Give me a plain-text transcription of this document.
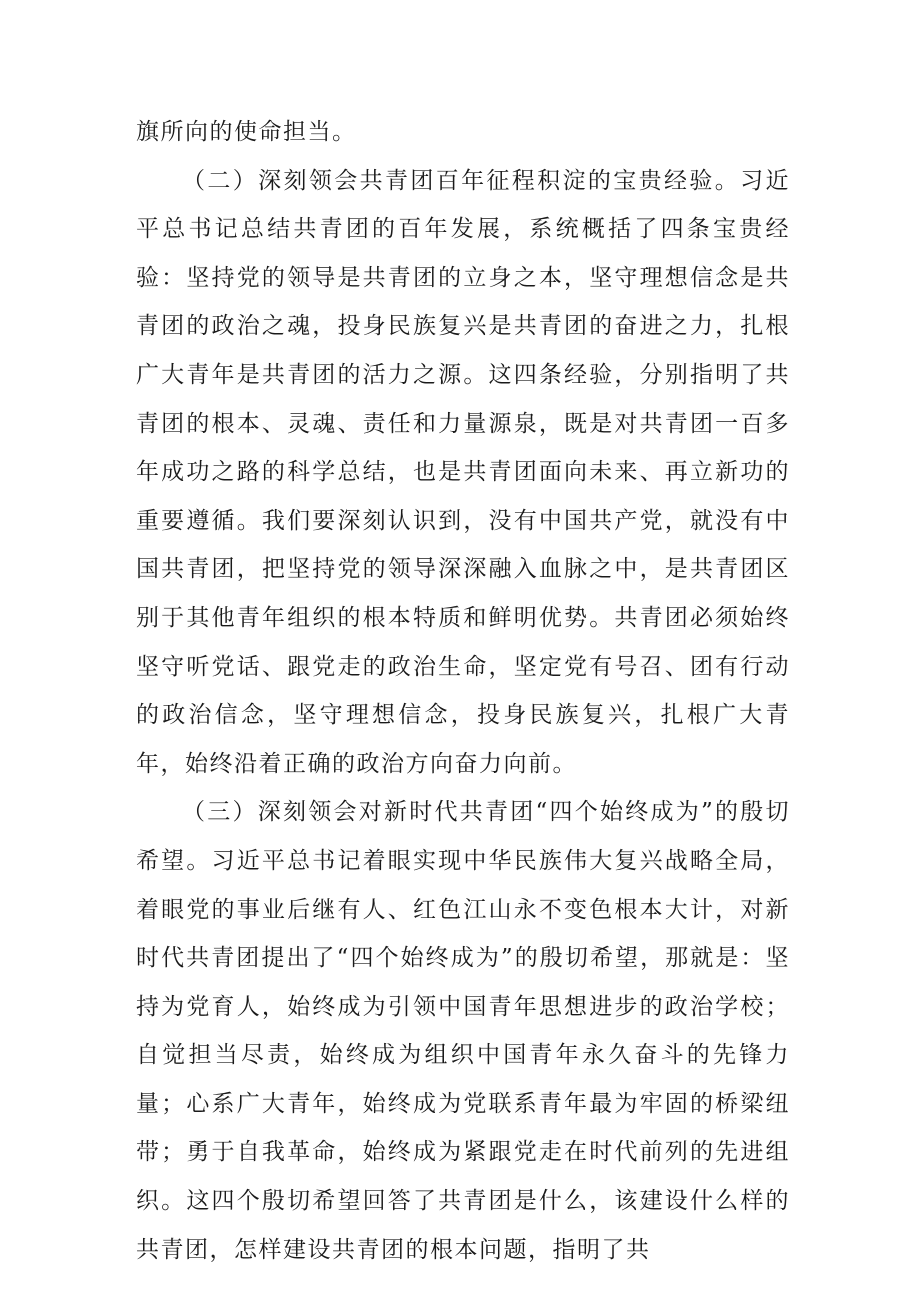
旗所向的使命担当。

（二）深刻领会共青团百年征程积淀的宝贵经验。习近平总书记总结共青团的百年发展，系统概括了四条宝贵经验：坚持党的领导是共青团的立身之本，坚守理想信念是共青团的政治之魂，投身民族复兴是共青团的奋进之力，扎根广大青年是共青团的活力之源。这四条经验，分别指明了共青团的根本、灵魂、责任和力量源泉，既是对共青团一百多年成功之路的科学总结，也是共青团面向未来、再立新功的重要遵循。我们要深刻认识到，没有中国共产党，就没有中国共青团，把坚持党的领导深深融入血脉之中，是共青团区别于其他青年组织的根本特质和鲜明优势。共青团必须始终坚守听党话、跟党走的政治生命，坚定党有号召、团有行动的政治信念，坚守理想信念，投身民族复兴，扎根广大青年，始终沿着正确的政治方向奋力向前。

（三）深刻领会对新时代共青团“四个始终成为”的殷切希望。习近平总书记着眼实现中华民族伟大复兴战略全局，着眼党的事业后继有人、红色江山永不变色根本大计，对新时代共青团提出了“四个始终成为”的殷切希望，那就是：坚持为党育人，始终成为引领中国青年思想进步的政治学校；自觉担当尽责，始终成为组织中国青年永久奋斗的先锋力量；心系广大青年，始终成为党联系青年最为牢固的桥梁纽带；勇于自我革命，始终成为紧跟党走在时代前列的先进组织。这四个殷切希望回答了共青团是什么，该建设什么样的共青团，怎样建设共青团的根本问题，指明了共
